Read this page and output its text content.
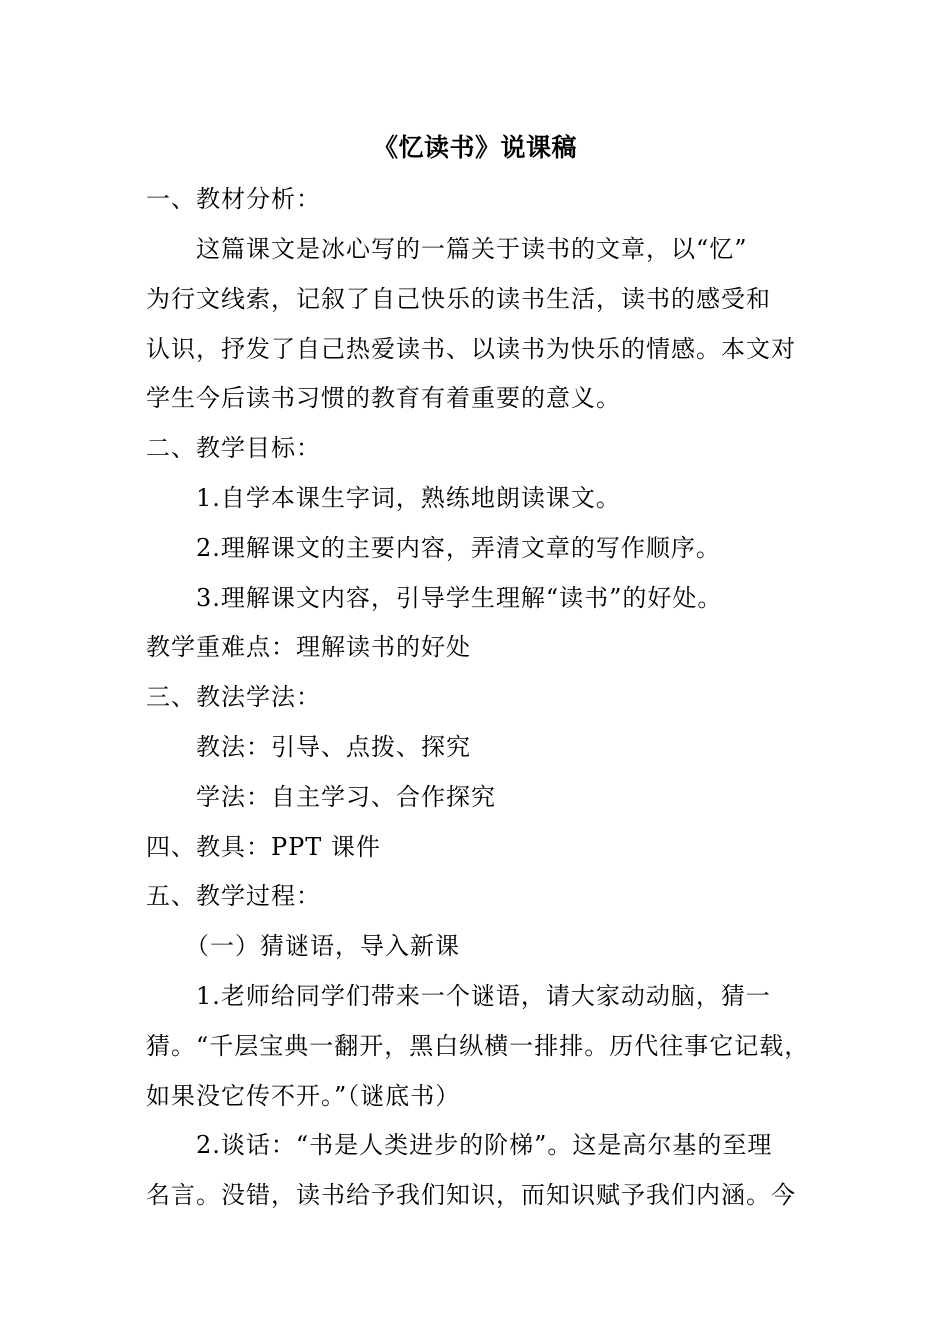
《忆读书》说课稿
一、教材分析：
这篇课文是冰心写的一篇关于读书的文章，以“忆”
为行文线索，记叙了自己快乐的读书生活，读书的感受和
认识，抒发了自己热爱读书、以读书为快乐的情感。本文对
学生今后读书习惯的教育有着重要的意义。
二、教学目标：
1.自学本课生字词，熟练地朗读课文。
2.理解课文的主要内容，弄清文章的写作顺序。
3.理解课文内容，引导学生理解“读书”的好处。
教学重难点：理解读书的好处
三、教法学法：
教法：引导、点拨、探究
学法：自主学习、合作探究
四、教具：PPT 课件
五、教学过程：
（一）猜谜语，导入新课
1.老师给同学们带来一个谜语，请大家动动脑，猜一
猜。“千层宝典一翻开，黑白纵横一排排。历代往事它记载，
如果没它传不开。”（谜底书）
2.谈话：“书是人类进步的阶梯”。这是高尔基的至理
名言。没错，读书给予我们知识，而知识赋予我们内涵。今
